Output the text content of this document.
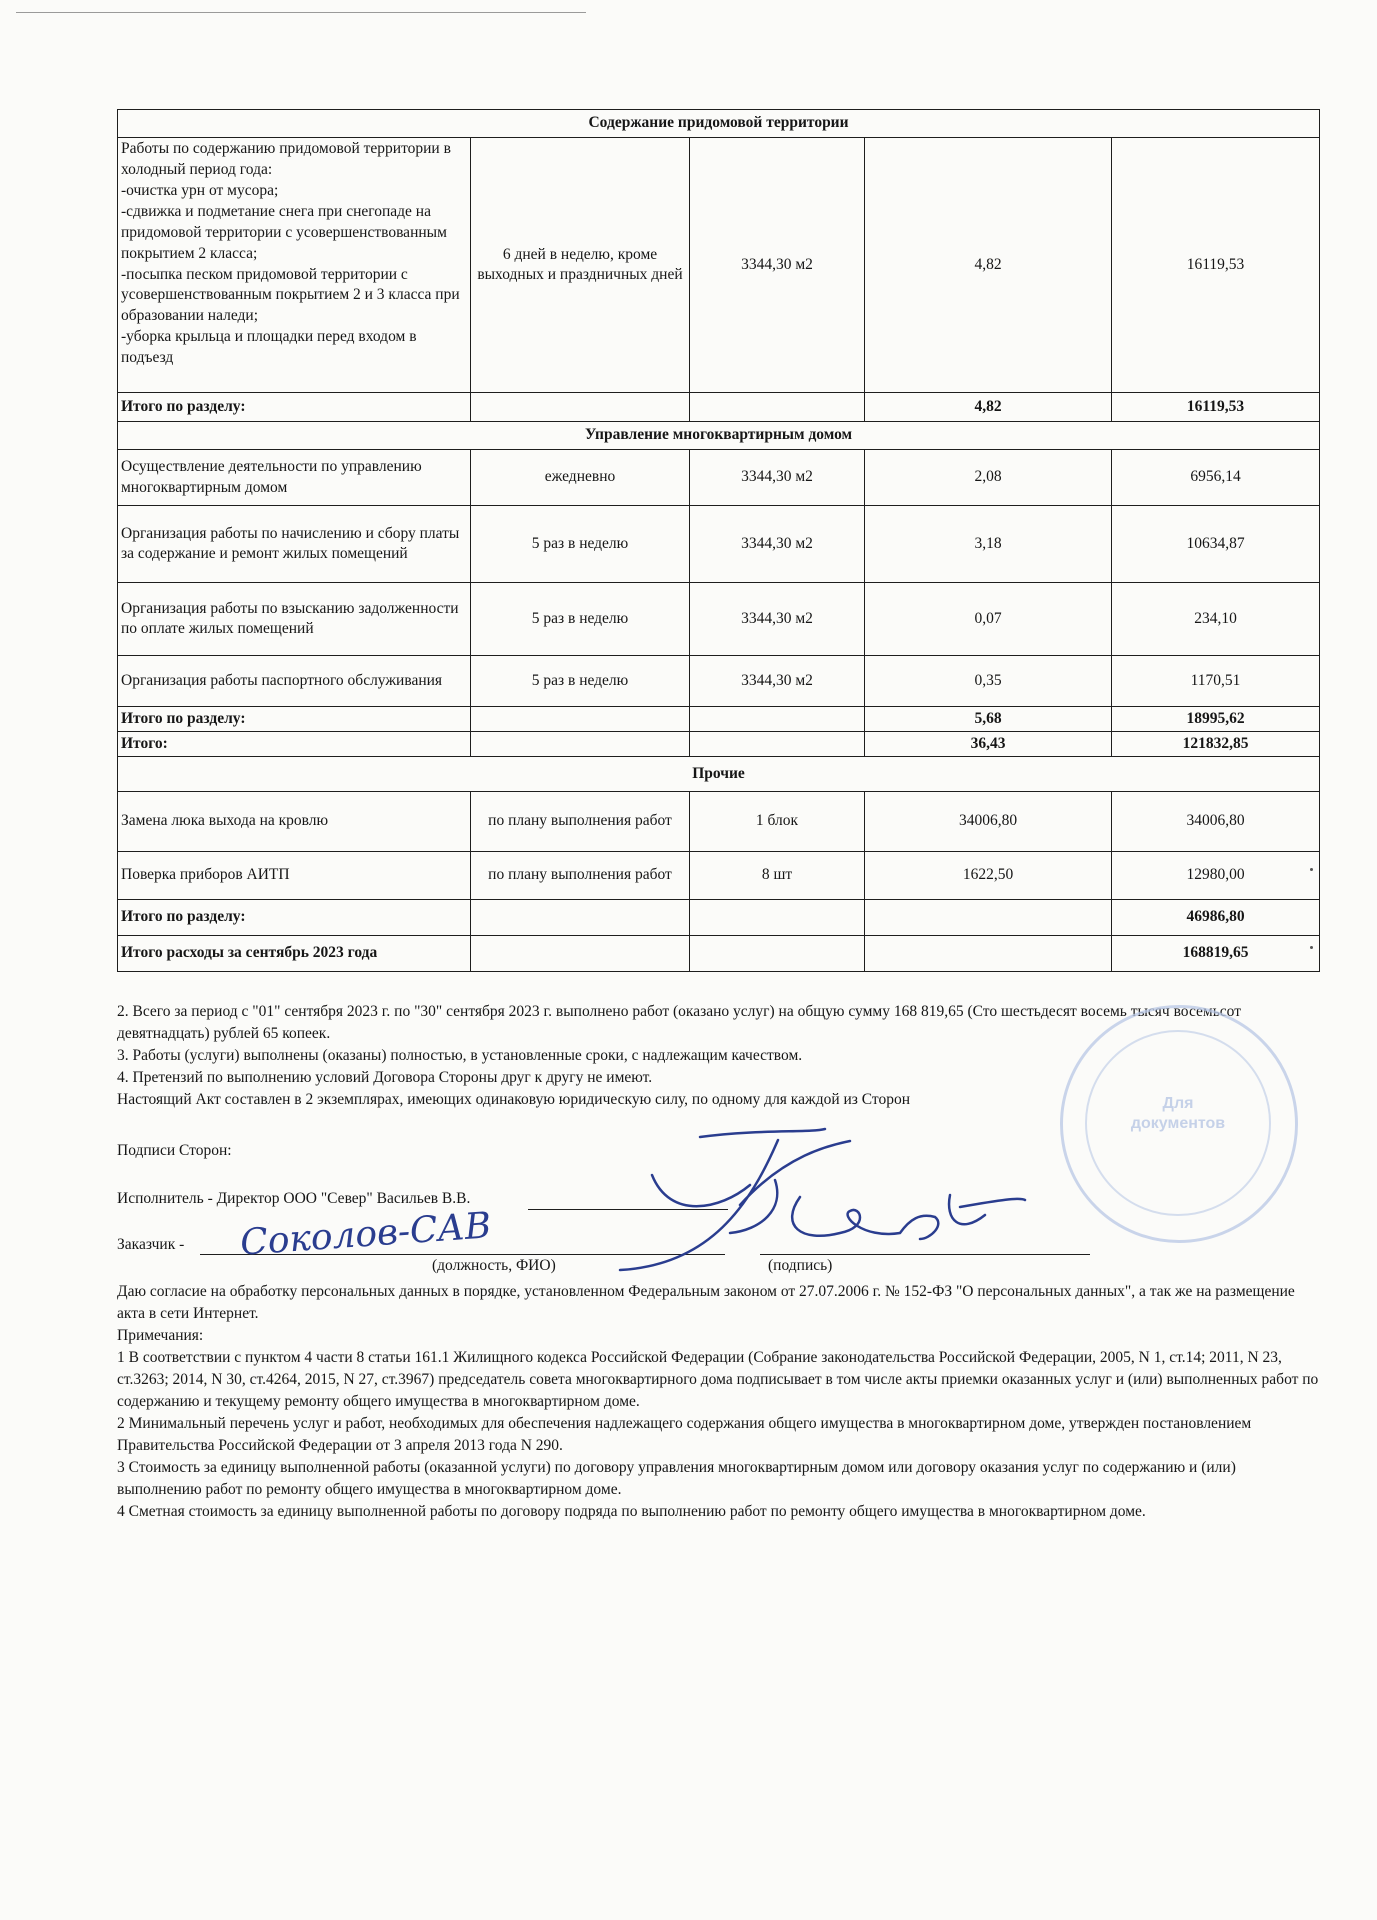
Содержание придомовой территории				
Работы по содержанию придомовой территории в холодный период года:
-очистка урн от мусора;
-сдвижка и подметание снега при снегопаде на придомовой территории с усовершенствованным покрытием 2 класса;
-посыпка песком придомовой территории с усовершенствованным покрытием 2 и 3 класса при образовании наледи;
-уборка крыльца и площадки перед входом в подъезд	6 дней в неделю, кроме выходных и праздничных дней	3344,30 м2	4,82	16119,53
Итого по разделу:			4,82	16119,53
Управление многоквартирным домом				
Осуществление деятельности по управлению многоквартирным домом	ежедневно	3344,30 м2	2,08	6956,14
Организация работы по начислению и сбору платы за содержание и ремонт жилых помещений	5 раз в неделю	3344,30 м2	3,18	10634,87
Организация работы по взысканию задолженности по оплате жилых помещений	5 раз в неделю	3344,30 м2	0,07	234,10
Организация работы паспортного обслуживания	5 раз в неделю	3344,30 м2	0,35	1170,51
Итого по разделу:			5,68	18995,62
Итого:			36,43	121832,85
Прочие				
Замена люка выхода на кровлю	по плану выполнения работ	1 блок	34006,80	34006,80
Поверка приборов АИТП	по плану выполнения работ	8 шт	1622,50	12980,00
Итого по разделу:				46986,80
Итого расходы за сентябрь 2023 года				168819,65

2. Всего за период с "01" сентября 2023 г. по "30" сентября 2023 г. выполнено работ (оказано услуг) на общую сумму 168 819,65 (Сто шестьдесят восемь тысяч восемьсот девятнадцать) рублей 65 копеек.

3. Работы (услуги) выполнены (оказаны) полностью, в установленные сроки, с надлежащим качеством.

4. Претензий по выполнению условий Договора Стороны друг к другу не имеют.

Настоящий Акт составлен в 2 экземплярах, имеющих одинаковую юридическую силу, по одному для каждой из Сторон	Для документов
Подписи Сторон:
Исполнитель - Директор ООО "Север" Васильев В.В.
Заказчик - Соколов-САВ
(должность, ФИО)	(подпись)

Даю согласие на обработку персональных данных в порядке, установленном Федеральным законом от 27.07.2006 г. № 152-ФЗ "О персональных данных", а так же на размещение акта в сети Интернет.

Примечания:

1 В соответствии с пунктом 4 части 8 статьи 161.1 Жилищного кодекса Российской Федерации (Собрание законодательства Российской Федерации, 2005, N 1, ст.14; 2011, N 23, ст.3263; 2014, N 30, ст.4264, 2015, N 27, ст.3967) председатель совета многоквартирного дома подписывает в том числе акты приемки оказанных услуг и (или) выполненных работ по содержанию и текущему ремонту общего имущества в многоквартирном доме.

2 Минимальный перечень услуг и работ, необходимых для обеспечения надлежащего содержания общего имущества в многоквартирном доме, утвержден постановлением Правительства Российской Федерации от 3 апреля 2013 года N 290.

3 Стоимость за единицу выполненной работы (оказанной услуги) по договору управления многоквартирным домом или договору оказания услуг по содержанию и (или) выполнению работ по ремонту общего имущества в многоквартирном доме.

4 Сметная стоимость за единицу выполненной работы по договору подряда по выполнению работ по ремонту общего имущества в многоквартирном доме.
